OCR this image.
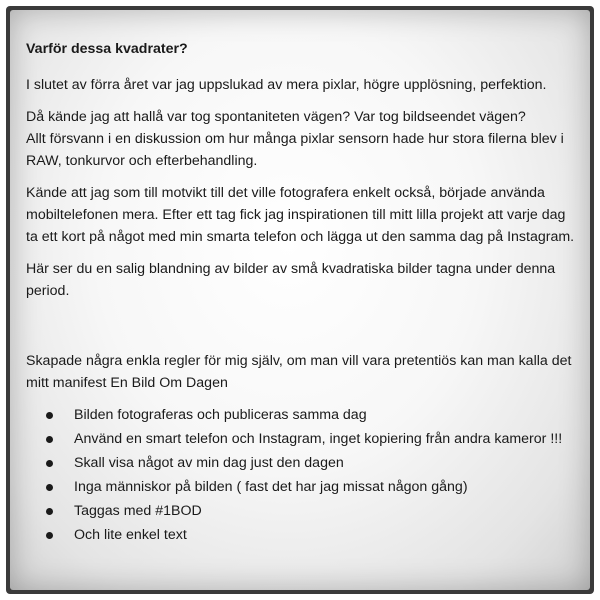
Varför dessa kvadrater?

I slutet av förra året var jag uppslukad av mera pixlar, högre upplösning, perfektion.
Då kände jag att hallå var tog spontaniteten vägen? Var tog bildseendet vägen?
Allt försvann i en diskussion om hur många pixlar sensorn hade hur stora filerna blev i
RAW, tonkurvor och efterbehandling.
Kände att jag som till motvikt till det ville fotografera enkelt också, började använda
mobiltelefonen mera. Efter ett tag fick jag inspirationen till mitt lilla projekt att varje dag
ta ett kort på något med min smarta telefon och lägga ut den samma dag på Instagram.
Här ser du en salig blandning av bilder av små kvadratiska bilder tagna under denna
period.
Skapade några enkla regler för mig själv, om man vill vara pretentiös kan man kalla det
mitt manifest En Bild Om Dagen
Bilden fotograferas och publiceras samma dag
Använd en smart telefon och Instagram, inget kopiering från andra kameror !!!
Skall visa något av min dag just den dagen
Inga människor på bilden ( fast det har jag missat någon gång)
Taggas med #1BOD
Och lite enkel text
